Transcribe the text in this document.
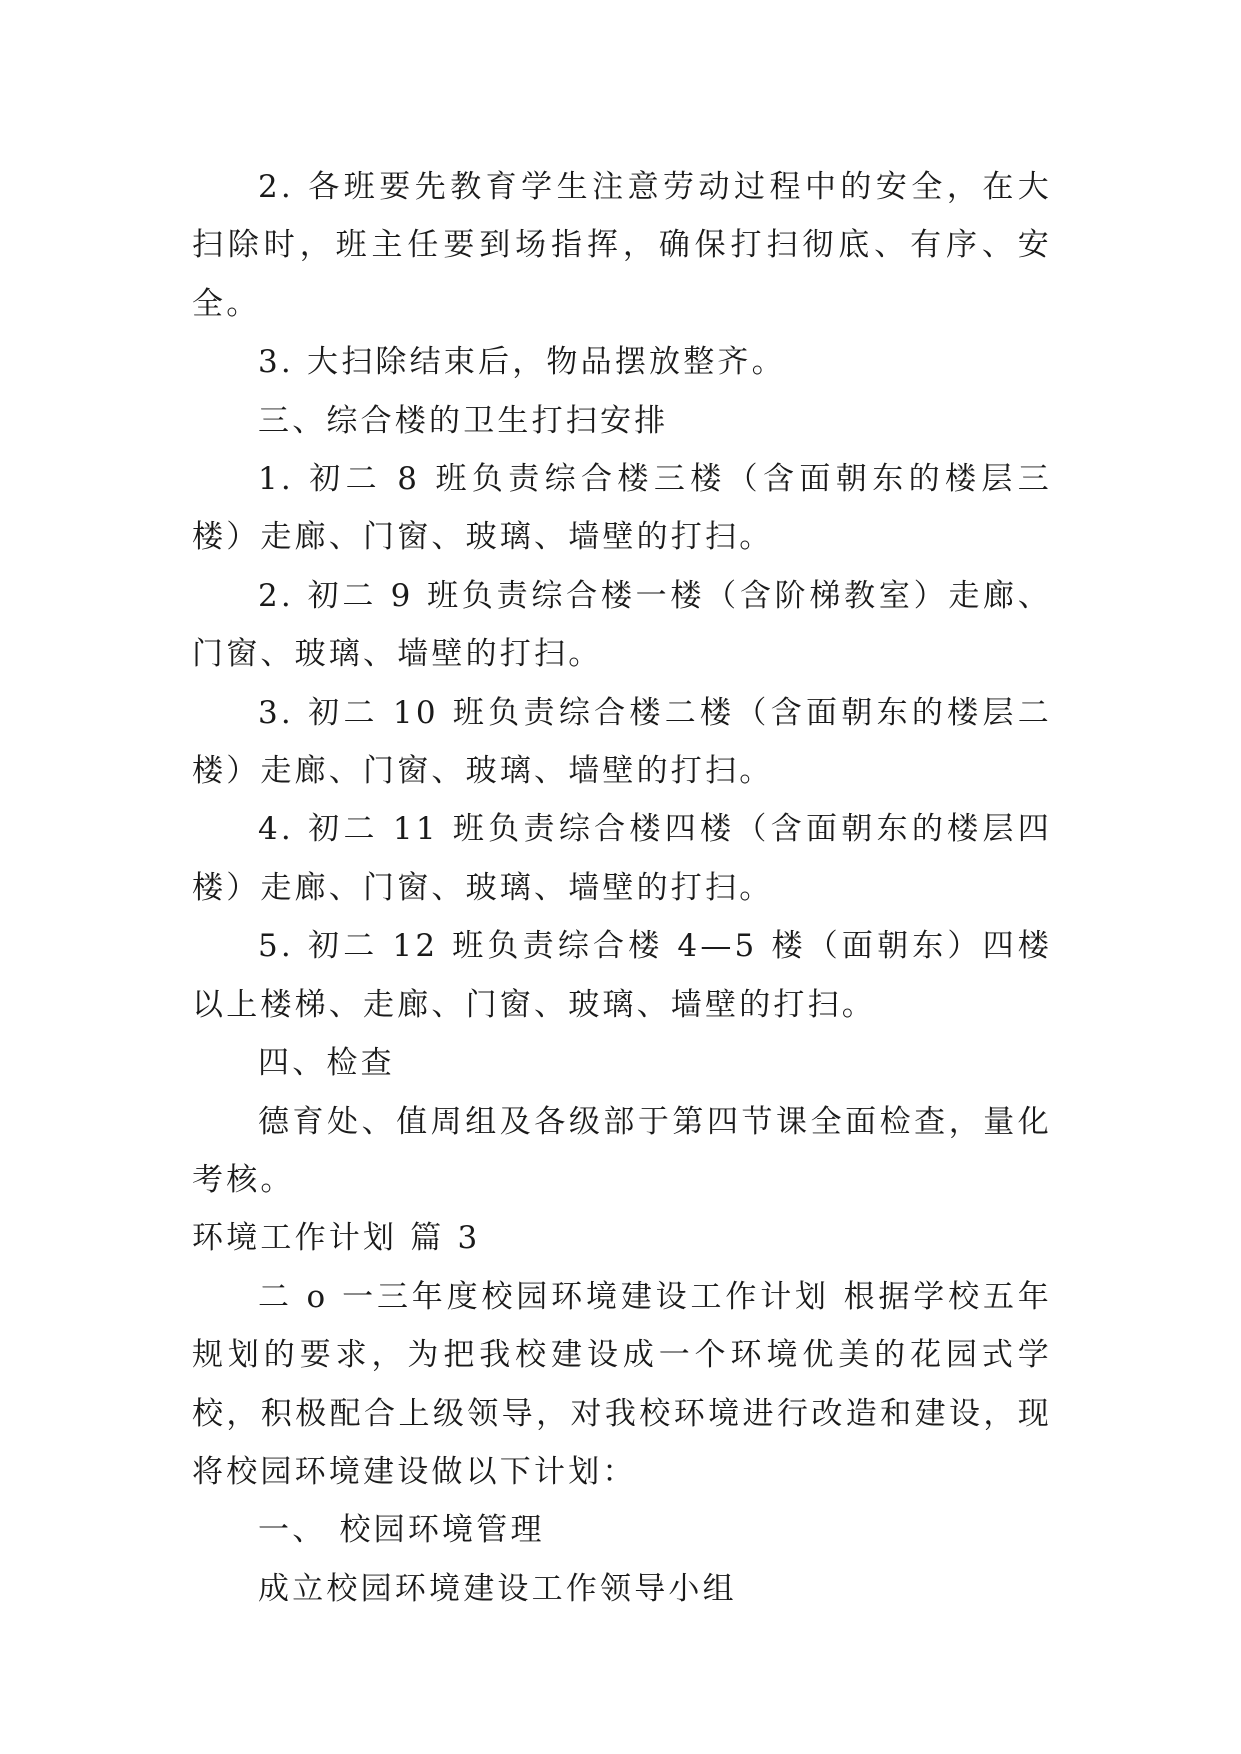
2. 各班要先教育学生注意劳动过程中的安全，在大扫除时，班主任要到场指挥，确保打扫彻底、有序、安全。

3. 大扫除结束后，物品摆放整齐。

三、综合楼的卫生打扫安排

1. 初二 8 班负责综合楼三楼（含面朝东的楼层三楼）走廊、门窗、玻璃、墙壁的打扫。

2. 初二 9 班负责综合楼一楼（含阶梯教室）走廊、门窗、玻璃、墙壁的打扫。

3. 初二 10 班负责综合楼二楼（含面朝东的楼层二楼）走廊、门窗、玻璃、墙壁的打扫。

4. 初二 11 班负责综合楼四楼（含面朝东的楼层四楼）走廊、门窗、玻璃、墙壁的打扫。

5. 初二 12 班负责综合楼 4—5 楼（面朝东）四楼以上楼梯、走廊、门窗、玻璃、墙壁的打扫。

四、检查

德育处、值周组及各级部于第四节课全面检查，量化考核。

环境工作计划 篇 3

二 o 一三年度校园环境建设工作计划 根据学校五年规划的要求，为把我校建设成一个环境优美的花园式学校，积极配合上级领导，对我校环境进行改造和建设，现将校园环境建设做以下计划：

一、 校园环境管理

成立校园环境建设工作领导小组
